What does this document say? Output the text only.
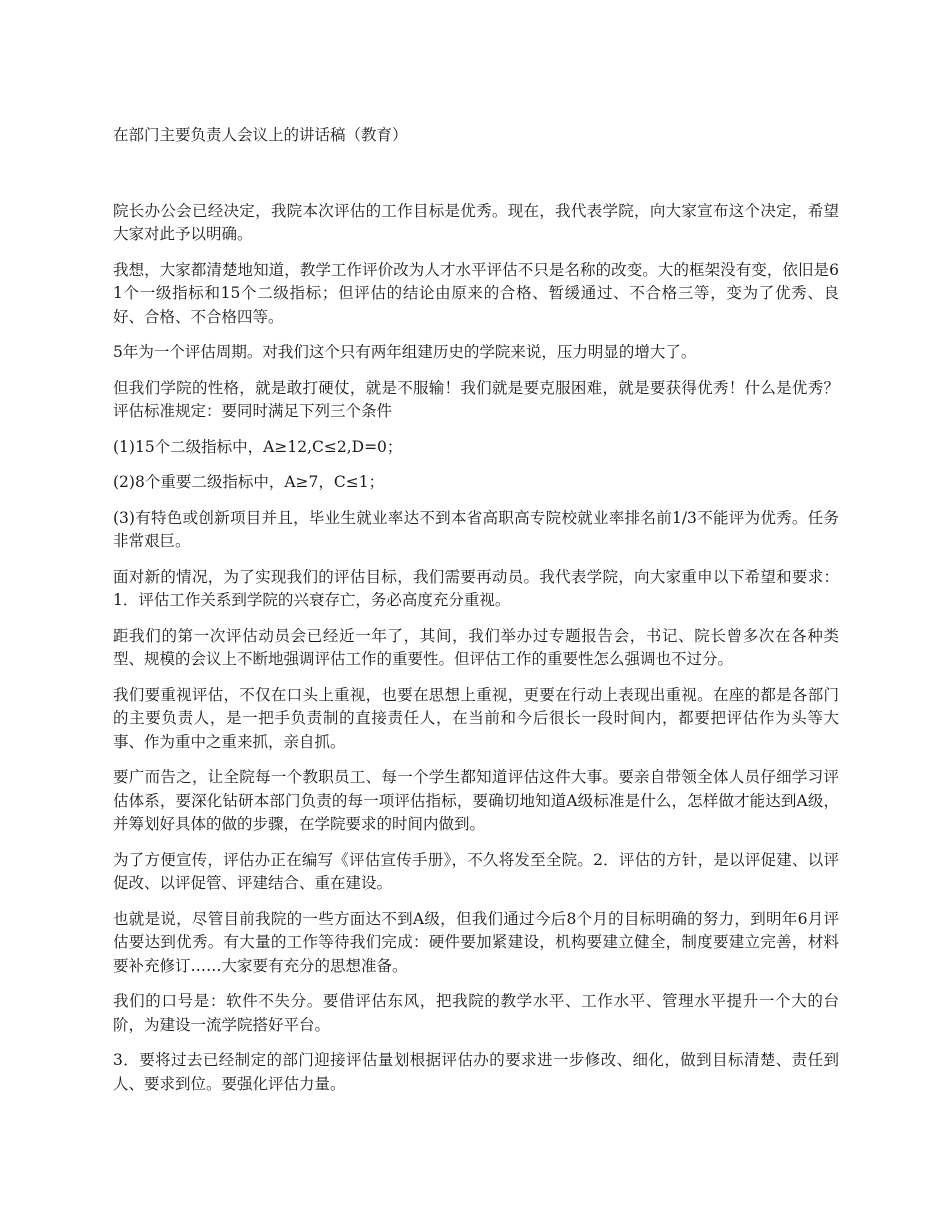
在部门主要负责人会议上的讲话稿（教育）

院长办公会已经决定，我院本次评估的工作目标是优秀。现在，我代表学院，向大家宣布这个决定，希望大家对此予以明确。

我想，大家都清楚地知道，教学工作评价改为人才水平评估不只是名称的改变。大的框架没有变，依旧是6 1个一级指标和15个二级指标；但评估的结论由原来的合格、暂缓通过、不合格三等，变为了优秀、良好、合格、不合格四等。

5年为一个评估周期。对我们这个只有两年组建历史的学院来说，压力明显的增大了。

但我们学院的性格，就是敢打硬仗，就是不服输！我们就是要克服困难，就是要获得优秀！什么是优秀？评估标准规定：要同时满足下列三个条件

(1)15个二级指标中，A≥12,C≤2,D=0；

(2)8个重要二级指标中，A≥7，C≤1；

(3)有特色或创新项目并且，毕业生就业率达不到本省高职高专院校就业率排名前1/3不能评为优秀。任务非常艰巨。

面对新的情况，为了实现我们的评估目标，我们需要再动员。我代表学院，向大家重申以下希望和要求：1．评估工作关系到学院的兴衰存亡，务必高度充分重视。

距我们的第一次评估动员会已经近一年了，其间，我们举办过专题报告会，书记、院长曾多次在各种类型、规模的会议上不断地强调评估工作的重要性。但评估工作的重要性怎么强调也不过分。

我们要重视评估，不仅在口头上重视，也要在思想上重视，更要在行动上表现出重视。在座的都是各部门的主要负责人，是一把手负责制的直接责任人，在当前和今后很长一段时间内，都要把评估作为头等大事、作为重中之重来抓，亲自抓。

要广而告之，让全院每一个教职员工、每一个学生都知道评估这件大事。要亲自带领全体人员仔细学习评估体系，要深化钻研本部门负责的每一项评估指标，要确切地知道A级标准是什么，怎样做才能达到A级，并筹划好具体的做的步骤，在学院要求的时间内做到。

为了方便宣传，评估办正在编写《评估宣传手册》，不久将发至全院。2．评估的方针，是以评促建、以评促改、以评促管、评建结合、重在建设。

也就是说，尽管目前我院的一些方面达不到A级，但我们通过今后8个月的目标明确的努力，到明年6月评估要达到优秀。有大量的工作等待我们完成：硬件要加紧建设，机构要建立健全，制度要建立完善，材料要补充修订……大家要有充分的思想准备。

我们的口号是：软件不失分。要借评估东风，把我院的教学水平、工作水平、管理水平提升一个大的台阶，为建设一流学院搭好平台。

3．要将过去已经制定的部门迎接评估量划根据评估办的要求进一步修改、细化，做到目标清楚、责任到人、要求到位。要强化评估力量。
